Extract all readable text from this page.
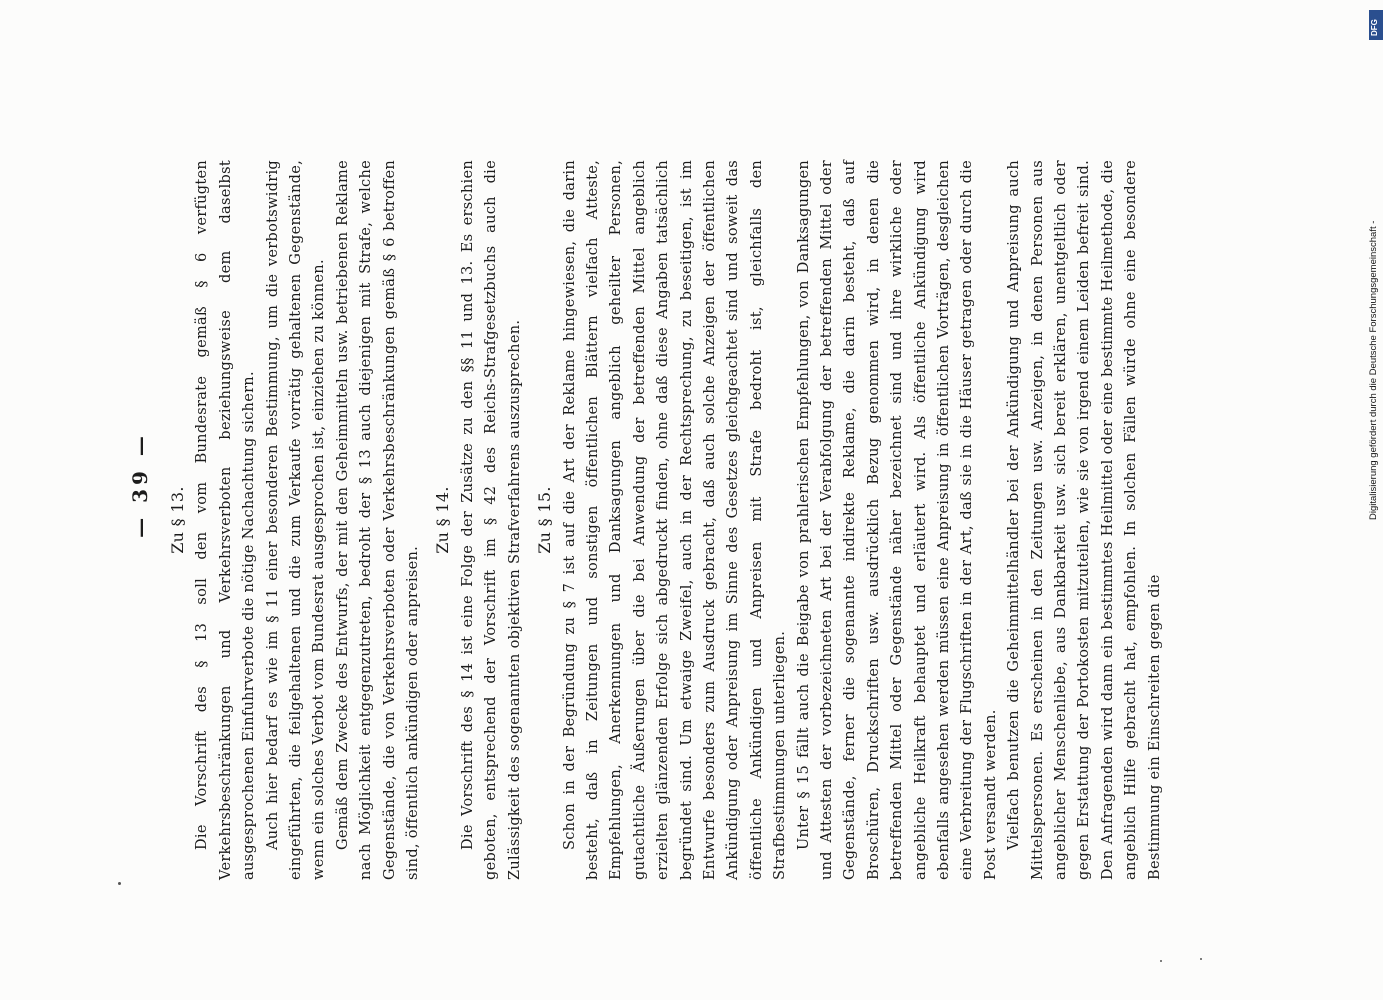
— 39 —	Zu § 13. Die Vorschrift des § 13 soll den vom Bundesrate gemäß § 6 verfügten Verkehrsbeschränkungen und Verkehrsverboten beziehungsweise dem daselbst ausgesprochenen Einfuhrverbote die nötige Nachachtung sichern. Auch hier bedarf es wie im § 11 einer besonderen Bestimmung, um die verbotswidrig eingeführten, die feilgehaltenen und die zum Verkaufe vorrätig gehaltenen Gegenstände, wenn ein solches Verbot vom Bundesrat ausgesprochen ist, einziehen zu können. Gemäß dem Zwecke des Entwurfs, der mit den Geheimmitteln usw. betriebenen Reklame nach Möglichkeit entgegenzutreten, bedroht der § 13 auch diejenigen mit Strafe, welche Gegenstände, die von Verkehrsverboten oder Verkehrsbeschränkungen gemäß § 6 betroffen sind, öffentlich ankündigen oder anpreisen.

Zu § 14. Die Vorschrift des § 14 ist eine Folge der Zusätze zu den §§ 11 und 13. Es erschien geboten, entsprechend der Vorschrift im § 42 des Reichs-Strafgesetzbuchs auch die Zulässigkeit des sogenannten objektiven Strafverfahrens auszusprechen. Zu § 15. Schon in der Begründung zu § 7 ist auf die Art der Reklame hingewiesen, die darin besteht, daß in Zeitungen und sonstigen öffentlichen Blättern vielfach Atteste, Empfehlungen, Anerkennungen und Danksagungen angeblich geheilter Personen, gutachtliche Äußerungen über die bei Anwendung der betreffenden Mittel angeblich erzielten glänzenden Erfolge sich abgedruckt finden, ohne daß diese Angaben tatsächlich begründet sind. Um etwaige Zweifel, auch in der Rechtsprechung, zu beseitigen, ist im Entwurfe besonders zum Ausdruck gebracht, daß auch solche Anzeigen der öffentlichen Ankündigung oder Anpreisung im Sinne des Gesetzes gleichgeachtet sind und soweit das öffentliche Ankündigen und Anpreisen mit Strafe bedroht ist, gleichfalls den Strafbestimmungen unterliegen. Unter § 15 fällt auch die Beigabe von prahlerischen Empfehlungen, von Danksagungen und Attesten der vorbezeichneten Art bei der Verabfolgung der betreffenden Mittel oder Gegenstände, ferner die sogenannte indirekte Reklame, die darin besteht, daß auf Broschüren, Druckschriften usw. ausdrücklich Bezug genommen wird, in denen die betreffenden Mittel oder Gegenstände näher bezeichnet sind und ihre wirkliche oder angebliche Heilkraft behauptet und erläutert wird. Als öffentliche Ankündigung wird ebenfalls angesehen werden müssen eine Anpreisung in öffentlichen Vorträgen, desgleichen eine Verbreitung der Flugschriften in der Art, daß sie in die Häuser getragen oder durch die Post versandt werden. Vielfach benutzen die Geheimmittelhändler bei der Ankündigung und Anpreisung auch Mittelspersonen. Es erscheinen in den Zeitungen usw. Anzeigen, in denen Personen aus angeblicher Menschenliebe, aus Dankbarkeit usw. sich bereit erklären, unentgeltlich oder gegen Erstattung der Portokosten mitzuteilen, wie sie von irgend einem Leiden befreit sind. Den Anfragenden wird dann ein bestimmtes Heilmittel oder eine bestimmte Heilmethode, die angeblich Hilfe gebracht hat, empfohlen. In solchen Fällen würde ohne eine besondere Bestimmung ein Einschreiten gegen die

DFG
Digitalisierung gefördert durch die Deutsche Forschungsgemeinschaft -
